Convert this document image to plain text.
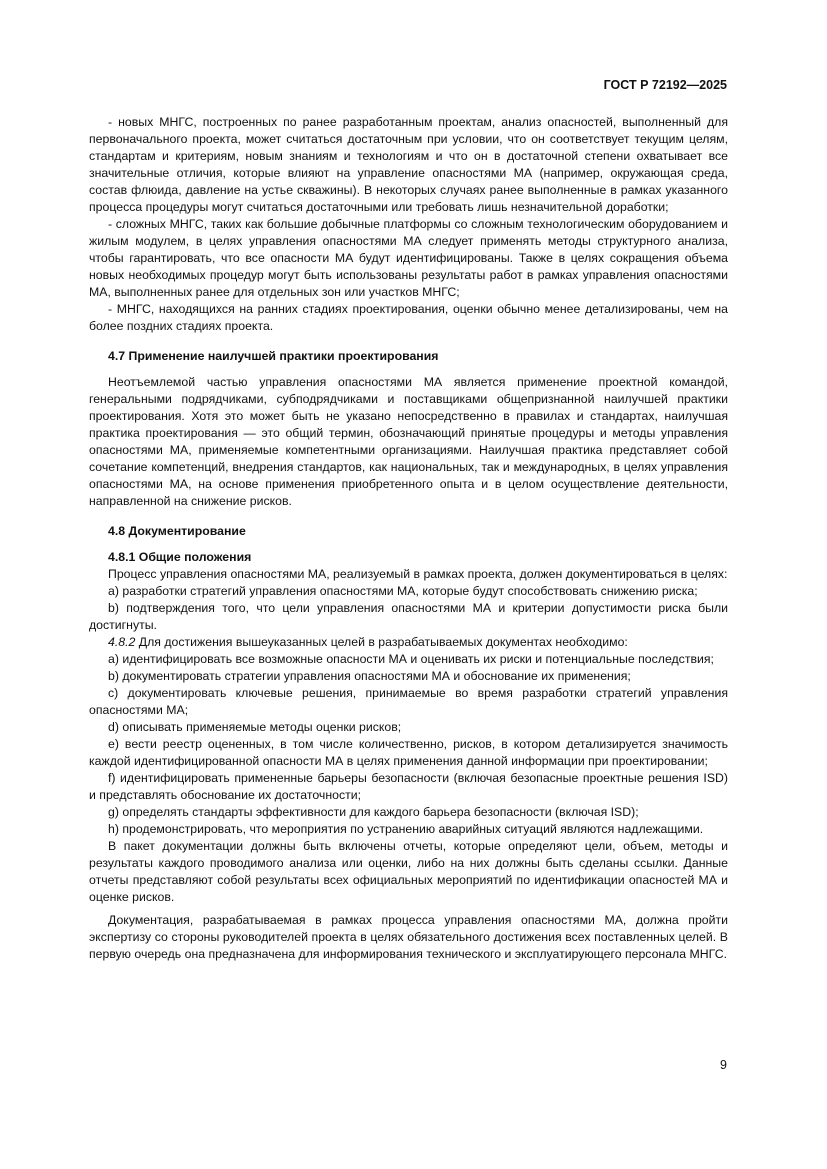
ГОСТ Р 72192—2025

- новых МНГС, построенных по ранее разработанным проектам, анализ опасностей, выполненный для первоначального проекта, может считаться достаточным при условии, что он соответствует текущим целям, стандартам и критериям, новым знаниям и технологиям и что он в достаточной степени охватывает все значительные отличия, которые влияют на управление опасностями МА (например, окружающая среда, состав флюида, давление на устье скважины). В некоторых случаях ранее выполненные в рамках указанного процесса процедуры могут считаться достаточными или требовать лишь незначительной доработки;

- сложных МНГС, таких как большие добычные платформы со сложным технологическим оборудованием и жилым модулем, в целях управления опасностями МА следует применять методы структурного анализа, чтобы гарантировать, что все опасности МА будут идентифицированы. Также в целях сокращения объема новых необходимых процедур могут быть использованы результаты работ в рамках управления опасностями МА, выполненных ранее для отдельных зон или участков МНГС;

- МНГС, находящихся на ранних стадиях проектирования, оценки обычно менее детализированы, чем на более поздних стадиях проекта.

4.7 Применение наилучшей практики проектирования

Неотъемлемой частью управления опасностями МА является применение проектной командой, генеральными подрядчиками, субподрядчиками и поставщиками общепризнанной наилучшей практики проектирования. Хотя это может быть не указано непосредственно в правилах и стандартах, наилучшая практика проектирования — это общий термин, обозначающий принятые процедуры и методы управления опасностями МА, применяемые компетентными организациями. Наилучшая практика представляет собой сочетание компетенций, внедрения стандартов, как национальных, так и международных, в целях управления опасностями МА, на основе применения приобретенного опыта и в целом осуществление деятельности, направленной на снижение рисков.

4.8 Документирование

4.8.1 Общие положения

Процесс управления опасностями МА, реализуемый в рамках проекта, должен документироваться в целях:

a) разработки стратегий управления опасностями МА, которые будут способствовать снижению риска;

b) подтверждения того, что цели управления опасностями МА и критерии допустимости риска были достигнуты.

4.8.2 Для достижения вышеуказанных целей в разрабатываемых документах необходимо:

a) идентифицировать все возможные опасности МА и оценивать их риски и потенциальные последствия;

b) документировать стратегии управления опасностями МА и обоснование их применения;

c) документировать ключевые решения, принимаемые во время разработки стратегий управления опасностями МА;

d) описывать применяемые методы оценки рисков;

e) вести реестр оцененных, в том числе количественно, рисков, в котором детализируется значимость каждой идентифицированной опасности МА в целях применения данной информации при проектировании;

f) идентифицировать примененные барьеры безопасности (включая безопасные проектные решения ISD) и представлять обоснование их достаточности;

g) определять стандарты эффективности для каждого барьера безопасности (включая ISD);

h) продемонстрировать, что мероприятия по устранению аварийных ситуаций являются надлежащими.

В пакет документации должны быть включены отчеты, которые определяют цели, объем, методы и результаты каждого проводимого анализа или оценки, либо на них должны быть сделаны ссылки. Данные отчеты представляют собой результаты всех официальных мероприятий по идентификации опасностей МА и оценке рисков.

Документация, разрабатываемая в рамках процесса управления опасностями МА, должна пройти экспертизу со стороны руководителей проекта в целях обязательного достижения всех поставленных целей. В первую очередь она предназначена для информирования технического и эксплуатирующего персонала МНГС.

9
